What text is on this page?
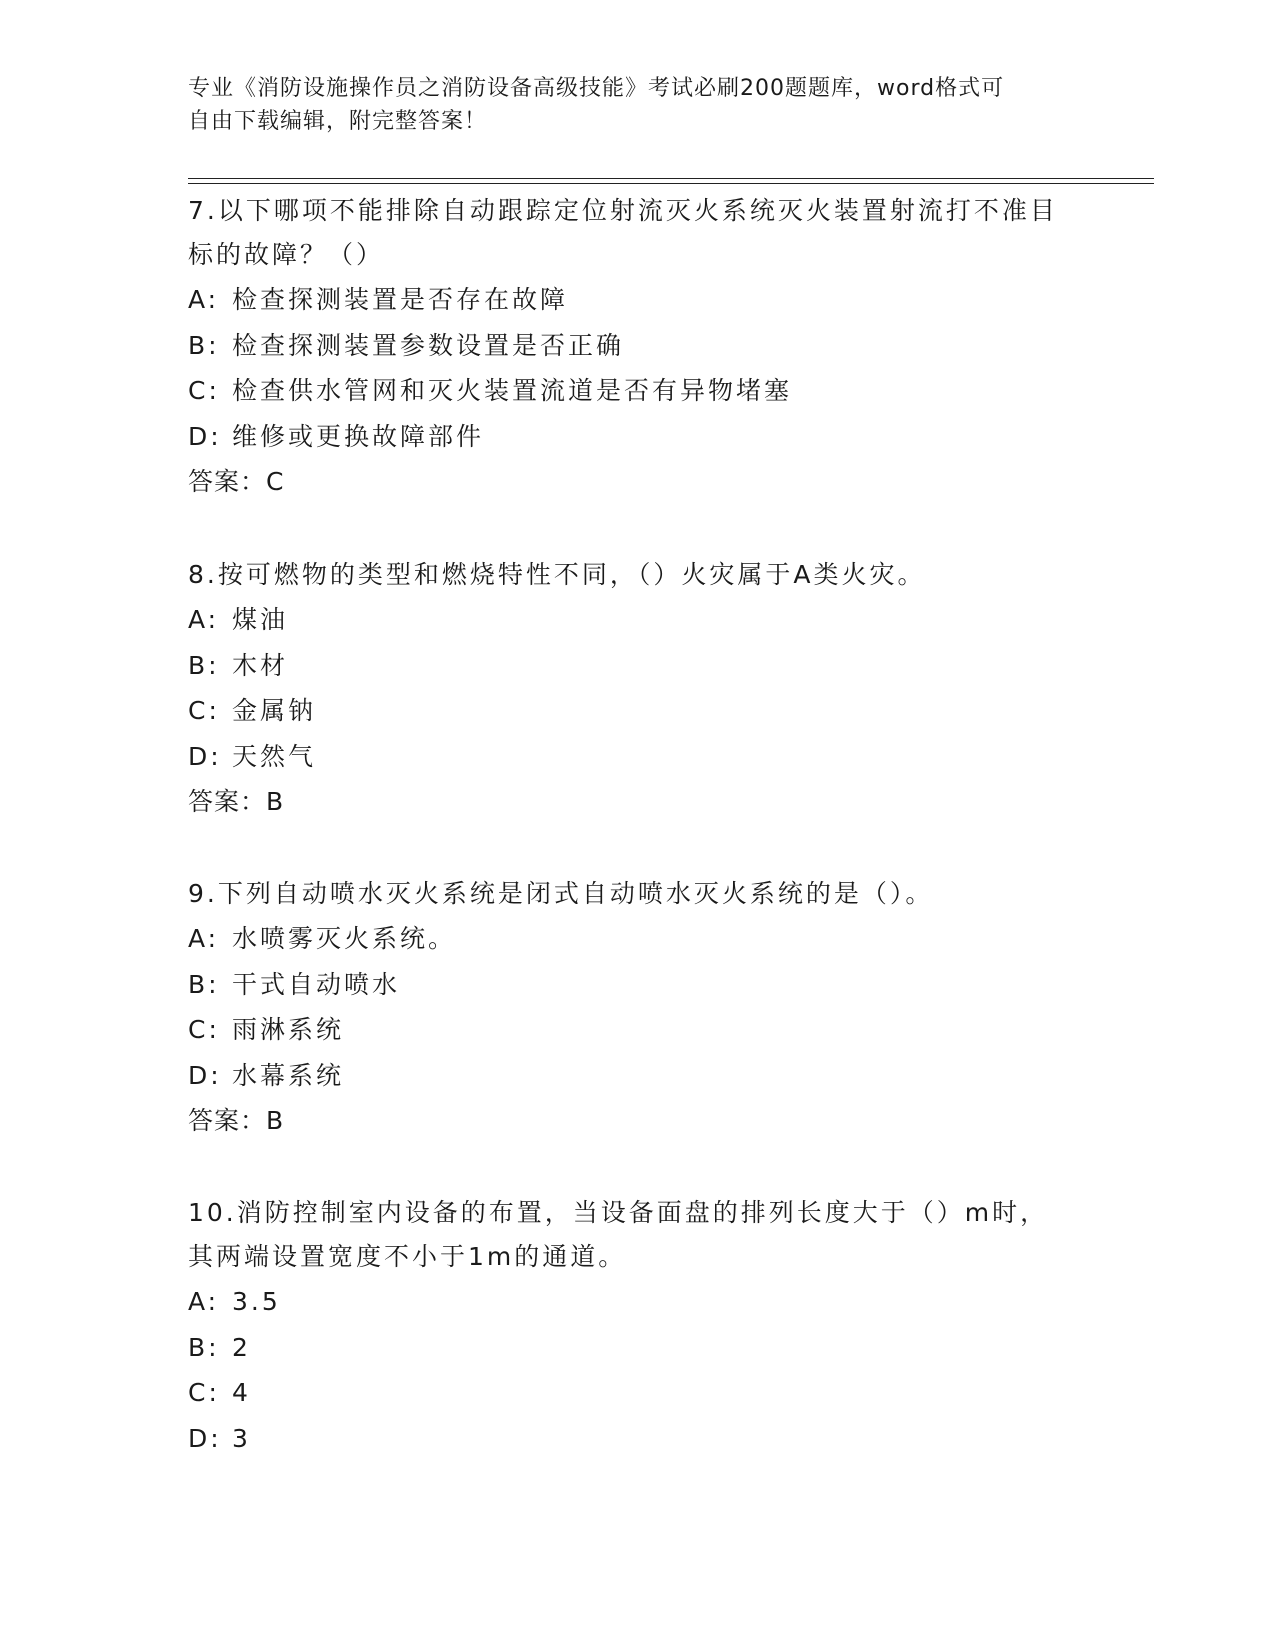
专业《消防设施操作员之消防设备高级技能》考试必刷200题题库，word格式可
自由下载编辑，附完整答案！
7.以下哪项不能排除自动跟踪定位射流灭火系统灭火装置射流打不准目标的故障？（）
A: 检查探测装置是否存在故障
B: 检查探测装置参数设置是否正确
C: 检查供水管网和灭火装置流道是否有异物堵塞
D: 维修或更换故障部件
答案：C
8.按可燃物的类型和燃烧特性不同，（）火灾属于A类火灾。
A: 煤油
B: 木材
C: 金属钠
D: 天然气
答案：B
9.下列自动喷水灭火系统是闭式自动喷水灭火系统的是（）。
A: 水喷雾灭火系统。
B: 干式自动喷水
C: 雨淋系统
D: 水幕系统
答案：B
10.消防控制室内设备的布置，当设备面盘的排列长度大于（）m时，其两端设置宽度不小于1m的通道。
A: 3.5
B: 2
C: 4
D: 3
